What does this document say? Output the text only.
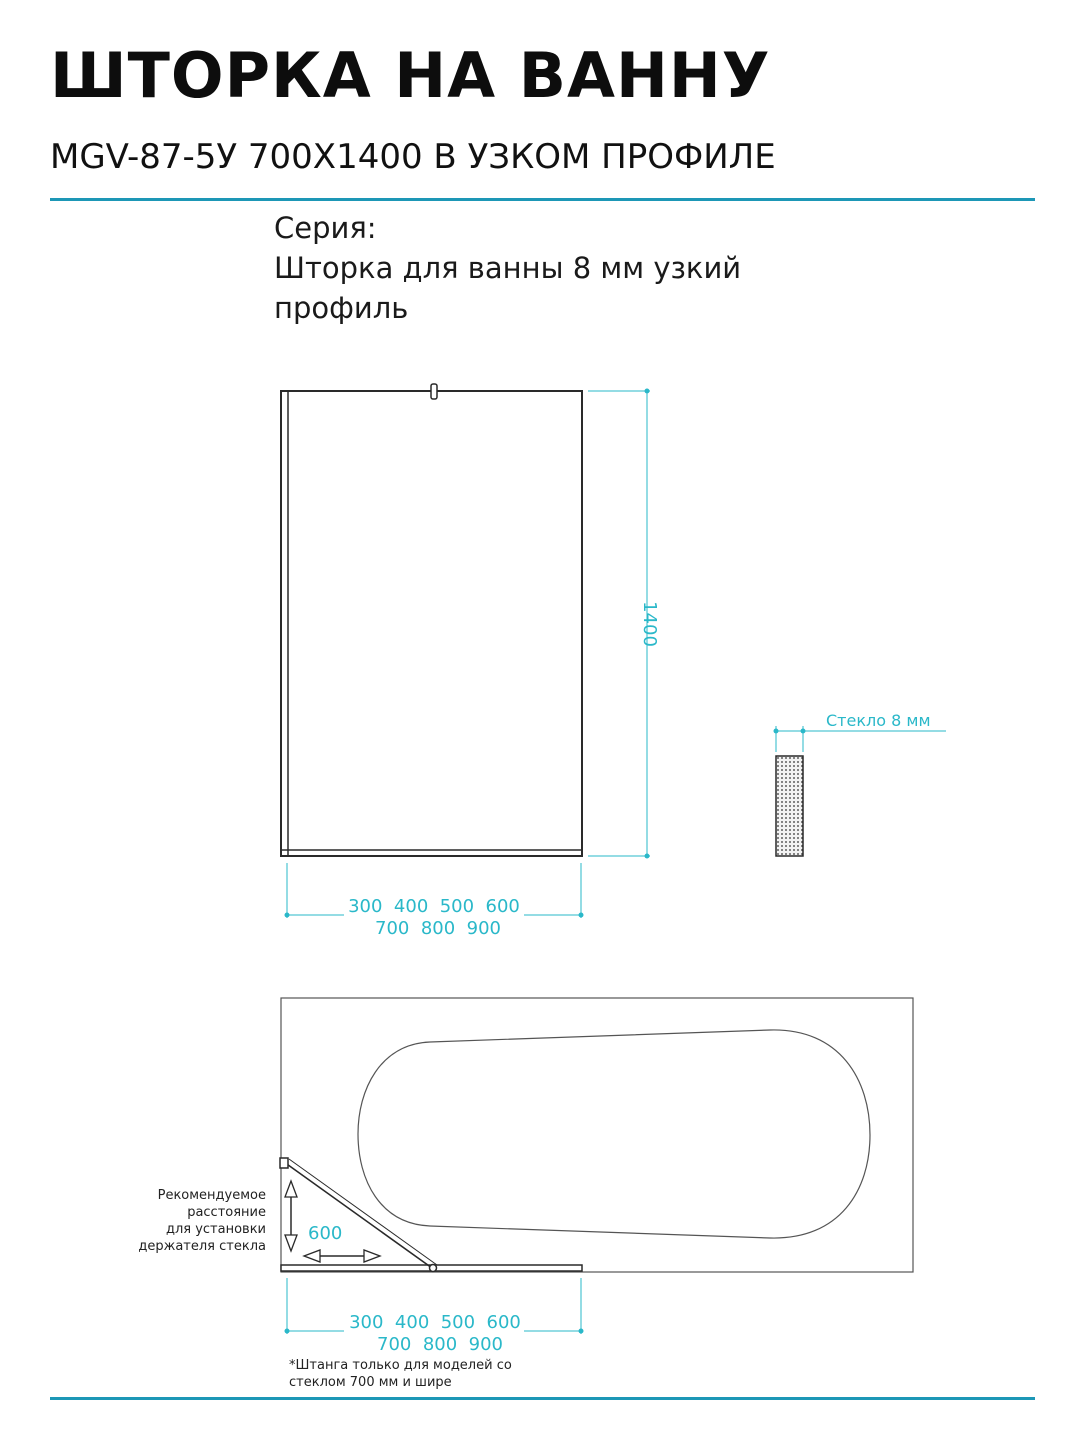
ШТОРКА НА ВАННУ
MGV-87-5У 700Х1400 В УЗКОМ ПРОФИЛЕ
Серия:
Шторка для ванны 8 мм узкий
профиль
1400
300  400  500  600
700  800  900
Стекло 8 мм
600
Рекомендуемое
расстояние
для установки
держателя стекла
300  400  500  600
700  800  900
*Штанга только для моделей со
стеклом 700 мм и шире
